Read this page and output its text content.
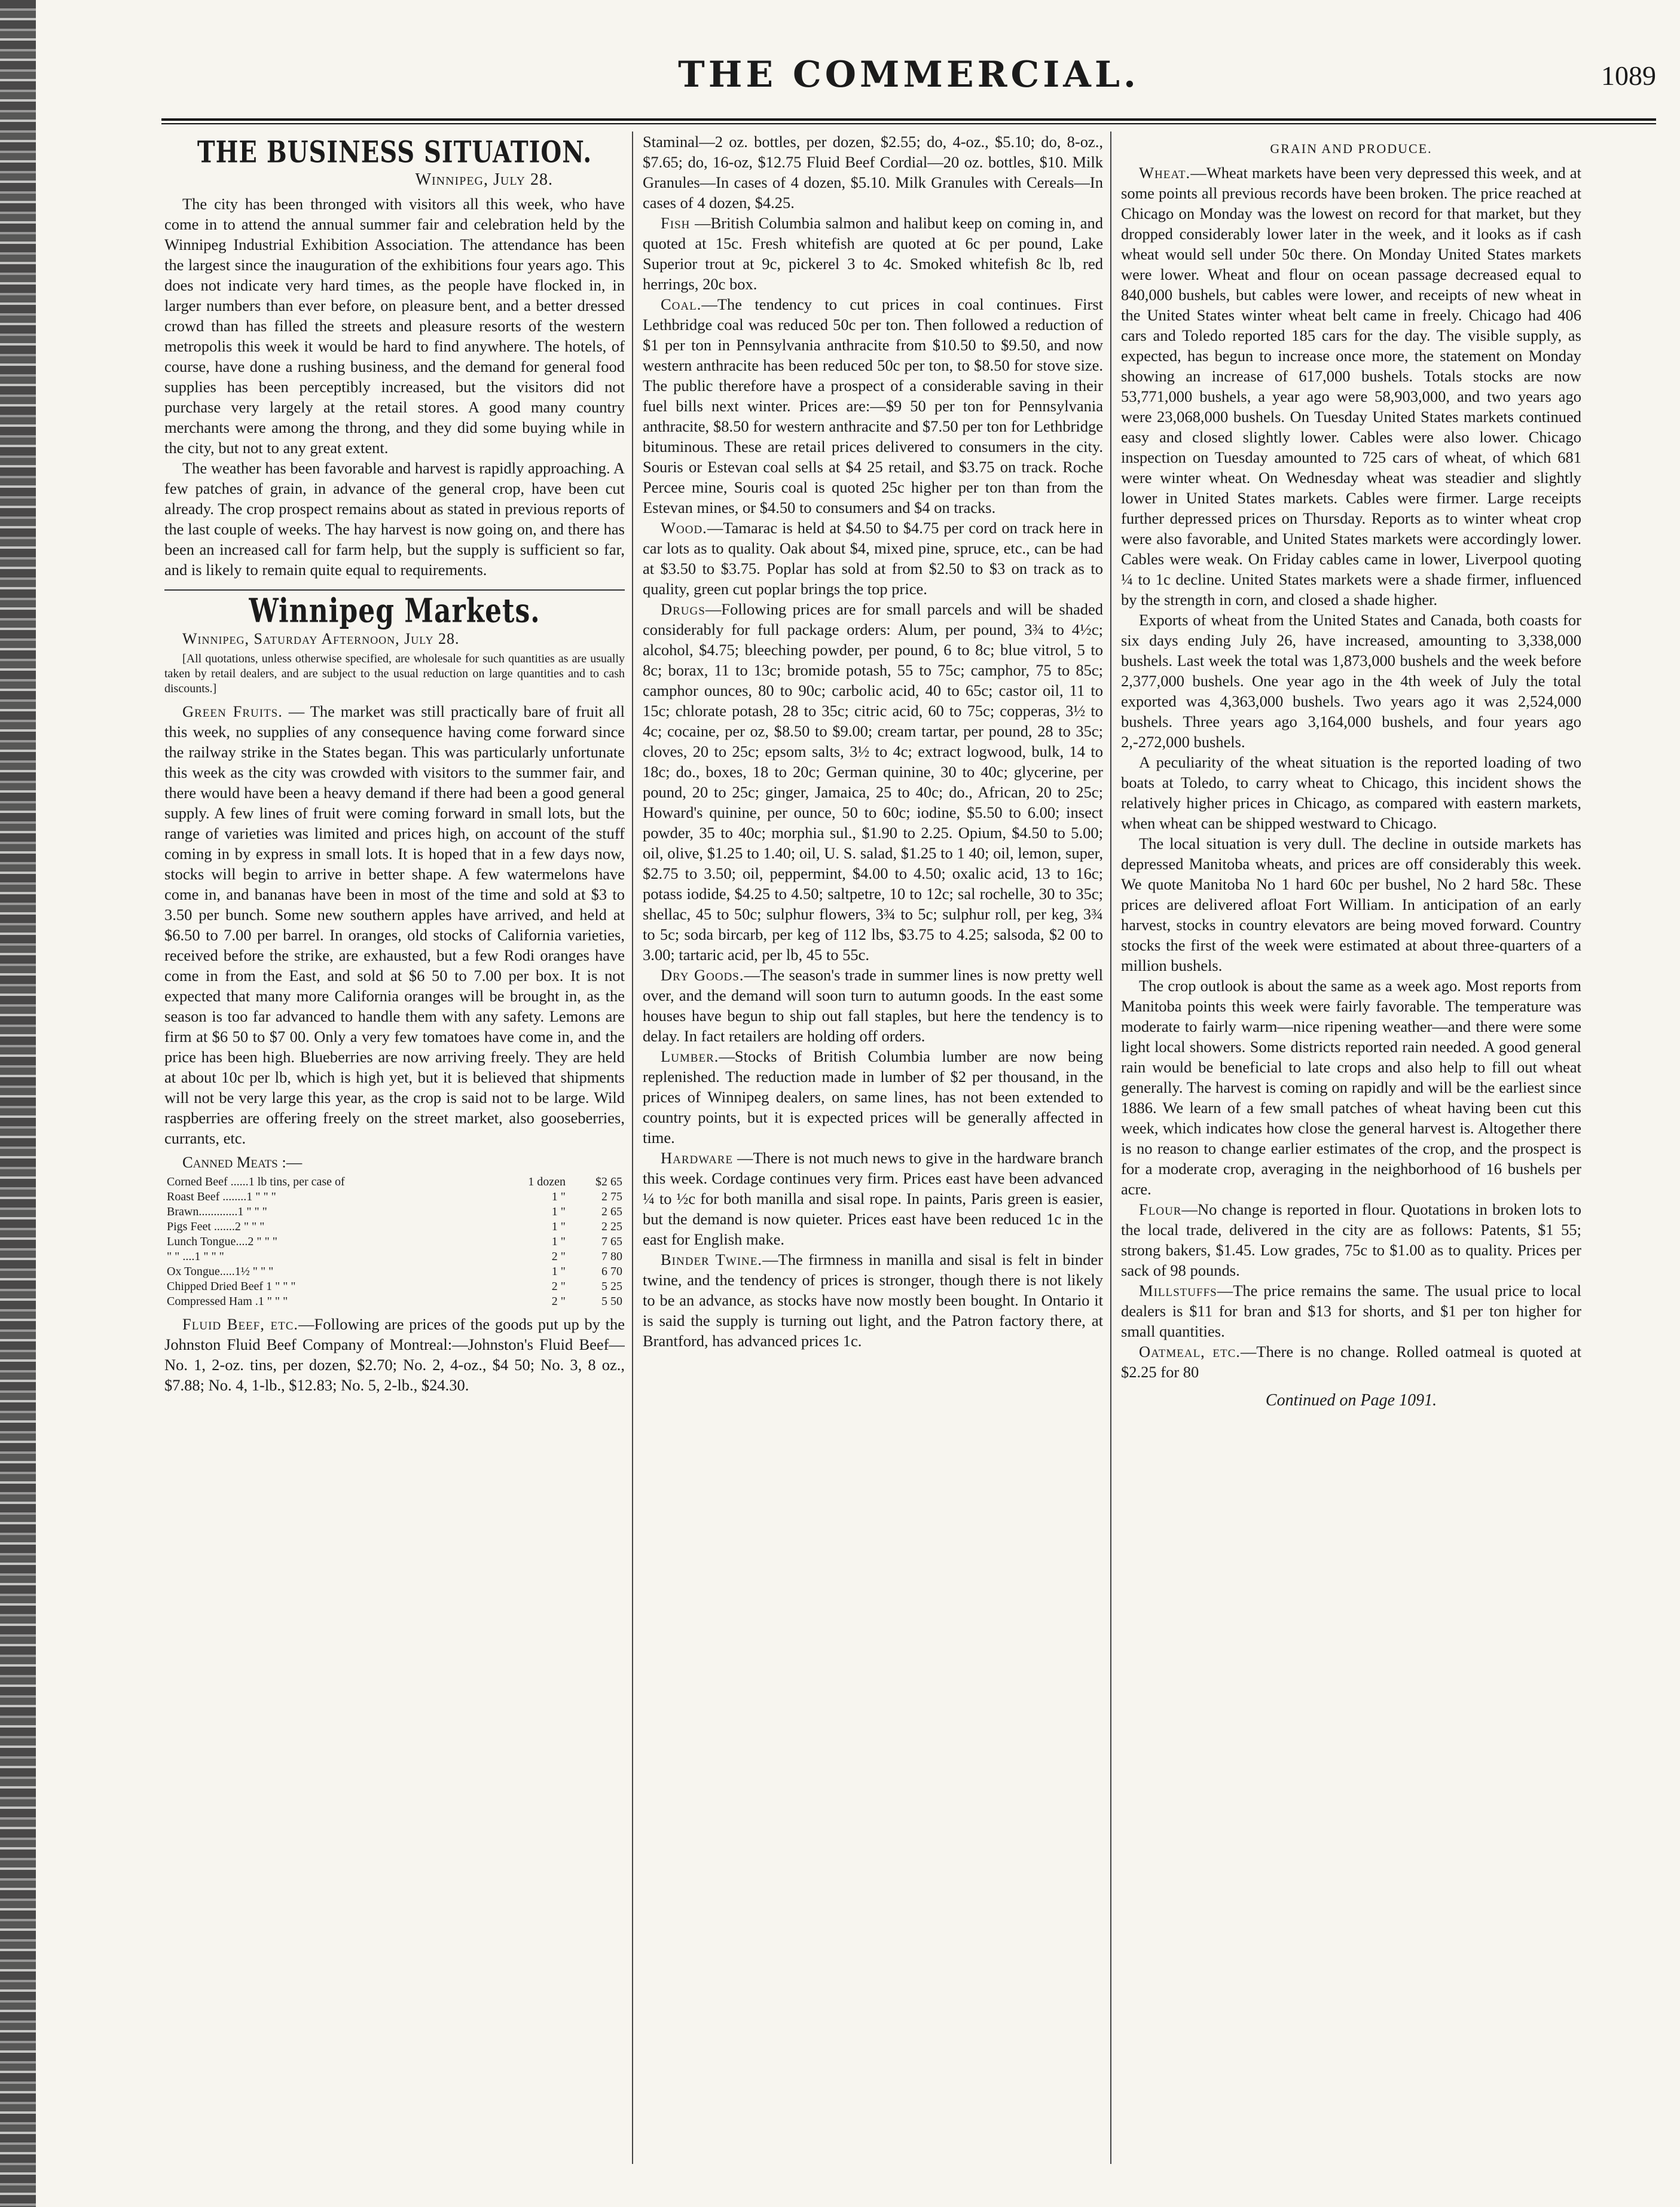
THE COMMERCIAL.	1089
THE BUSINESS SITUATION.
Winnipeg, July 28.

The city has been thronged with visitors all this week, who have come in to attend the annual summer fair and celebration held by the Winnipeg Industrial Exhibition Association. The attendance has been the largest since the inauguration of the exhibitions four years ago. This does not indicate very hard times, as the people have flocked in, in larger numbers than ever before, on pleasure bent, and a better dressed crowd than has filled the streets and pleasure resorts of the western metropolis this week it would be hard to find anywhere. The hotels, of course, have done a rushing business, and the demand for general food supplies has been perceptibly increased, but the visitors did not purchase very largely at the retail stores. A good many country merchants were among the throng, and they did some buying while in the city, but not to any great extent.

The weather has been favorable and harvest is rapidly approaching. A few patches of grain, in advance of the general crop, have been cut already. The crop prospect remains about as stated in previous reports of the last couple of weeks. The hay harvest is now going on, and there has been an increased call for farm help, but the supply is sufficient so far, and is likely to remain quite equal to requirements.

Winnipeg Markets.
Winnipeg, Saturday Afternoon, July 28.
[All quotations, unless otherwise specified, are wholesale for such quantities as are usually taken by retail dealers, and are subject to the usual reduction on large quantities and to cash discounts.]

Green Fruits. — The market was still practically bare of fruit all this week, no supplies of any consequence having come forward since the railway strike in the States began. This was particularly unfortunate this week as the city was crowded with visitors to the summer fair, and there would have been a heavy demand if there had been a good general supply. A few lines of fruit were coming forward in small lots, but the range of varieties was limited and prices high, on account of the stuff coming in by express in small lots. It is hoped that in a few days now, stocks will begin to arrive in better shape. A few watermelons have come in, and bananas have been in most of the time and sold at $3 to 3.50 per bunch. Some new southern apples have arrived, and held at $6.50 to 7.00 per barrel. In oranges, old stocks of California varieties, received before the strike, are exhausted, but a few Rodi oranges have come in from the East, and sold at $6 50 to 7.00 per box. It is not expected that many more California oranges will be brought in, as the season is too far advanced to handle them with any safety. Lemons are firm at $6 50 to $7 00. Only a very few tomatoes have come in, and the price has been high. Blueberries are now arriving freely. They are held at about 10c per lb, which is high yet, but it is believed that shipments will not be very large this year, as the crop is said not to be large. Wild raspberries are offering freely on the street market, also gooseberries, currants, etc.

Canned Meats :—
Corned Beef ......1 lb tins, per case of	1 dozen	$2 65
Roast Beef ........1 " " "	1 "	2 75
Brawn.............1 " " "	1 "	2 65
Pigs Feet .......2 " " "	1 "	2 25
Lunch Tongue....2 " " "	1 "	7 65
" " ....1 " " "	2 "	7 80
Ox Tongue.....1½ " " "	1 "	6 70
Chipped Dried Beef 1 " " "	2 "	5 25
Compressed Ham .1 " " "	2 "	5 50

Fluid Beef, etc.—Following are prices of the goods put up by the Johnston Fluid Beef Company of Montreal:—Johnston's Fluid Beef—No. 1, 2-oz. tins, per dozen, $2.70; No. 2, 4-oz., $4 50; No. 3, 8 oz., $7.88; No. 4, 1-lb., $12.83; No. 5, 2-lb., $24.30.

Staminal—2 oz. bottles, per dozen, $2.55; do, 4-oz., $5.10; do, 8-oz., $7.65; do, 16-oz, $12.75 Fluid Beef Cordial—20 oz. bottles, $10. Milk Granules—In cases of 4 dozen, $5.10. Milk Granules with Cereals—In cases of 4 dozen, $4.25.

Fish —British Columbia salmon and halibut keep on coming in, and quoted at 15c. Fresh whitefish are quoted at 6c per pound, Lake Superior trout at 9c, pickerel 3 to 4c. Smoked whitefish 8c lb, red herrings, 20c box.

Coal.—The tendency to cut prices in coal continues. First Lethbridge coal was reduced 50c per ton. Then followed a reduction of $1 per ton in Pennsylvania anthracite from $10.50 to $9.50, and now western anthracite has been reduced 50c per ton, to $8.50 for stove size. The public therefore have a prospect of a considerable saving in their fuel bills next winter. Prices are:—$9 50 per ton for Pennsylvania anthracite, $8.50 for western anthracite and $7.50 per ton for Lethbridge bituminous. These are retail prices delivered to consumers in the city. Souris or Estevan coal sells at $4 25 retail, and $3.75 on track. Roche Percee mine, Souris coal is quoted 25c higher per ton than from the Estevan mines, or $4.50 to consumers and $4 on tracks.

Wood.—Tamarac is held at $4.50 to $4.75 per cord on track here in car lots as to quality. Oak about $4, mixed pine, spruce, etc., can be had at $3.50 to $3.75. Poplar has sold at from $2.50 to $3 on track as to quality, green cut poplar brings the top price.

Drugs—Following prices are for small parcels and will be shaded considerably for full package orders: Alum, per pound, 3¾ to 4½c; alcohol, $4.75; bleeching powder, per pound, 6 to 8c; blue vitrol, 5 to 8c; borax, 11 to 13c; bromide potash, 55 to 75c; camphor, 75 to 85c; camphor ounces, 80 to 90c; carbolic acid, 40 to 65c; castor oil, 11 to 15c; chlorate potash, 28 to 35c; citric acid, 60 to 75c; copperas, 3½ to 4c; cocaine, per oz, $8.50 to $9.00; cream tartar, per pound, 28 to 35c; cloves, 20 to 25c; epsom salts, 3½ to 4c; extract logwood, bulk, 14 to 18c; do., boxes, 18 to 20c; German quinine, 30 to 40c; glycerine, per pound, 20 to 25c; ginger, Jamaica, 25 to 40c; do., African, 20 to 25c; Howard's quinine, per ounce, 50 to 60c; iodine, $5.50 to 6.00; insect powder, 35 to 40c; morphia sul., $1.90 to 2.25. Opium, $4.50 to 5.00; oil, olive, $1.25 to 1.40; oil, U. S. salad, $1.25 to 1 40; oil, lemon, super, $2.75 to 3.50; oil, peppermint, $4.00 to 4.50; oxalic acid, 13 to 16c; potass iodide, $4.25 to 4.50; saltpetre, 10 to 12c; sal rochelle, 30 to 35c; shellac, 45 to 50c; sulphur flowers, 3¾ to 5c; sulphur roll, per keg, 3¾ to 5c; soda bircarb, per keg of 112 lbs, $3.75 to 4.25; salsoda, $2 00 to 3.00; tartaric acid, per lb, 45 to 55c.

Dry Goods.—The season's trade in summer lines is now pretty well over, and the demand will soon turn to autumn goods. In the east some houses have begun to ship out fall staples, but here the tendency is to delay. In fact retailers are holding off orders.

Lumber.—Stocks of British Columbia lumber are now being replenished. The reduction made in lumber of $2 per thousand, in the prices of Winnipeg dealers, on same lines, has not been extended to country points, but it is expected prices will be generally affected in time.

Hardware —There is not much news to give in the hardware branch this week. Cordage continues very firm. Prices east have been advanced ¼ to ½c for both manilla and sisal rope. In paints, Paris green is easier, but the demand is now quieter. Prices east have been reduced 1c in the east for English make.

Binder Twine.—The firmness in manilla and sisal is felt in binder twine, and the tendency of prices is stronger, though there is not likely to be an advance, as stocks have now mostly been bought. In Ontario it is said the supply is turning out light, and the Patron factory there, at Brantford, has advanced prices 1c.

GRAIN AND PRODUCE.

Wheat.—Wheat markets have been very depressed this week, and at some points all previous records have been broken. The price reached at Chicago on Monday was the lowest on record for that market, but they dropped considerably lower later in the week, and it looks as if cash wheat would sell under 50c there. On Monday United States markets were lower. Wheat and flour on ocean passage decreased equal to 840,000 bushels, but cables were lower, and receipts of new wheat in the United States winter wheat belt came in freely. Chicago had 406 cars and Toledo reported 185 cars for the day. The visible supply, as expected, has begun to increase once more, the statement on Monday showing an increase of 617,000 bushels. Totals stocks are now 53,771,000 bushels, a year ago were 58,903,000, and two years ago were 23,068,000 bushels. On Tuesday United States markets continued easy and closed slightly lower. Cables were also lower. Chicago inspection on Tuesday amounted to 725 cars of wheat, of which 681 were winter wheat. On Wednesday wheat was steadier and slightly lower in United States markets. Cables were firmer. Large receipts further depressed prices on Thursday. Reports as to winter wheat crop were also favorable, and United States markets were accordingly lower. Cables were weak. On Friday cables came in lower, Liverpool quoting ¼ to 1c decline. United States markets were a shade firmer, influenced by the strength in corn, and closed a shade higher.

Exports of wheat from the United States and Canada, both coasts for six days ending July 26, have increased, amounting to 3,338,000 bushels. Last week the total was 1,873,000 bushels and the week before 2,377,000 bushels. One year ago in the 4th week of July the total exported was 4,363,000 bushels. Two years ago it was 2,524,000 bushels. Three years ago 3,164,000 bushels, and four years ago 2,-272,000 bushels.

A peculiarity of the wheat situation is the reported loading of two boats at Toledo, to carry wheat to Chicago, this incident shows the relatively higher prices in Chicago, as compared with eastern markets, when wheat can be shipped westward to Chicago.

The local situation is very dull. The decline in outside markets has depressed Manitoba wheats, and prices are off considerably this week. We quote Manitoba No 1 hard 60c per bushel, No 2 hard 58c. These prices are delivered afloat Fort William. In anticipation of an early harvest, stocks in country elevators are being moved forward. Country stocks the first of the week were estimated at about three-quarters of a million bushels.

The crop outlook is about the same as a week ago. Most reports from Manitoba points this week were fairly favorable. The temperature was moderate to fairly warm—nice ripening weather—and there were some light local showers. Some districts reported rain needed. A good general rain would be beneficial to late crops and also help to fill out wheat generally. The harvest is coming on rapidly and will be the earliest since 1886. We learn of a few small patches of wheat having been cut this week, which indicates how close the general harvest is. Altogether there is no reason to change earlier estimates of the crop, and the prospect is for a moderate crop, averaging in the neighborhood of 16 bushels per acre.

Flour—No change is reported in flour. Quotations in broken lots to the local trade, delivered in the city are as follows: Patents, $1 55; strong bakers, $1.45. Low grades, 75c to $1.00 as to quality. Prices per sack of 98 pounds.

Millstuffs—The price remains the same. The usual price to local dealers is $11 for bran and $13 for shorts, and $1 per ton higher for small quantities.

Oatmeal, etc.—There is no change. Rolled oatmeal is quoted at $2.25 for 80

Continued on Page 1091.
